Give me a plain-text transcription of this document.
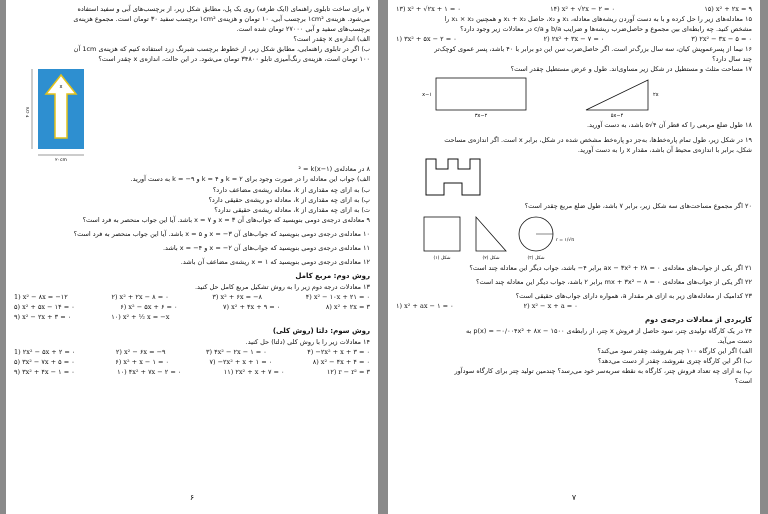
۷ برای ساخت تابلوی راهنمای (ایک طرفه) روی یک پل، مطابق شکل زیر، از برچسب‌های آبی و سفید استفاده
می‌شود. هزینه‌ی ۱cm² برچسب آبی، ۱۰ تومان و هزینه‌ی ۱cm² برچسب سفید ۳۰ تومان است. مجموع هزینه‌ی
برچسب‌های سفید و آبی ۲۷۰۰۰ تومان شده است.
الف) اندازه‌ی x چقدر است؟
ب) اگر در تابلوی راهنمایی، مطابق شکل زیر، از خطوط برچسب شبرنگ زرد استفاده کنیم که هزینه‌ی 1cm آن
۱۰۰ تومان است، هزینه‌ی رنگ‌آمیزی تابلو ۳۴۸۰۰ تومان می‌شود. در این حالت، اندازه‌ی x چقدر است؟
x
۴ cm
۲۰cm
۸ در معادله‌ی (x−۱)² = k
الف) جواب این معادله را در صورت وجود برای ۲ = k و ۴ = k و ۹− = k به دست آورید.
ب) به ازای چه مقداری از k، معادله ریشه‌ی مضاعف دارد؟
پ) به ازای چه مقداری از k، معادله دو ریشه‌ی حقیقی دارد؟
ت) به ازای چه مقداری از k، معادله ریشه‌ی حقیقی ندارد؟
۹ معادله‌ی درجه‌ی دومی بنویسید که جواب‌های آن ۳ = x و ۷ = x باشد. آیا این جواب منحصر به فرد است؟
۱۰ معادله‌ی درجه‌ی دومی بنویسید که جواب‌های آن ۳− = x و ۵ = x باشد. آیا این جواب منحصر به فرد است؟
۱۱ معادله‌ی درجه‌ی دومی بنویسید که جواب‌های آن ۲− = x و ۴− = x باشد.
۱۲ معادله‌ی درجه‌ی دومی بنویسید که ۱ = x ریشه‌ی مضاعف آن باشد.
روش دوم: مربع کامل
۱۳ معادلات درجه دوم زیر را به روش تشکیل مربع کامل حل کنید.
1) x² − ۸x = −۱۲	۲) x² + ۲x − ۸ = ۰	۳) x² + ۶x = −۸	۴) x² − ۱۰x + ۲۱ = ۰
۵) x² + ۵x − ۱۴ = ۰	۶) x² − ۵x + ۶ = ۰	۷) x² + ۴x + ۹ = ۰	۸) x² + ۲x = ۳
۹) x² − ۲x + ۳ = ۰	۱۰) x² + ½ x = −x
روش سوم: دلتا (روش کلی)
۱۴ معادلات زیر را با روش کلی (دلتا) حل کنید.
1) ۲x² − ۵x + ۲ = ۰	۲) x² − ۶x = −۹	۳) ۴x² − ۲x − ۱ = ۰	۴) −۲x² + x + ۳ = ۰
۵) ۳x² − ۷x + ۵ = ۰	۶) x² + x − ۱ = ۰	۷) −۲x² + x + ۱ = ۰	۸) x² − ۴x + ۴ = ۰
۹) ۳x² + ۴x − ۱ = ۰	۱۰) ۴x² + ۷x − ۲ = ۰	۱۱) ۲x² + x + ۷ = ۰	۱۲) r − r² = ۳
۶
۱۳) x² + √۲x + ۱ = ۰	۱۴) x² + √۲x − ۲ = ۰	۱۵) x² + ۲x = ۹
۱۵ معادله‌های زیر را حل کرده و با به دست آوردن ریشه‌های معادله، x₁ و x₂، حاصل x₁ + x₂ و همچنین x₁ × x₂ را
مشخص کنید. چه رابطه‌ای بین مجموع و حاصل‌ضرب ریشه‌ها و ضرایب b/a و c/a در معادلات زیر وجود دارد؟
۱) ۳x² + ۵x − ۲ = ۰	۲) ۲x² + ۳x − ۷ = ۰	۳) ۲x² − ۳x − ۵ = ۰
۱۶ نیما از پسرعمویش کیان، سه سال بزرگ‌تر است. اگر حاصل‌ضرب سن این دو برابر با ۴۰ باشد، پسر عموی کوچک‌تر
چند سال دارد؟
۱۷ مساحت مثلث و مستطیل در شکل زیر مساوی‌اند. طول و عرض مستطیل چقدر است؟
x−۱
۳x−۲
۲x
۵x−۴
۱۸ طول ضلع مربعی را که قطر آن ۴√۵ باشد، به دست آورید.
۱۹ در شکل زیر، طول تمام پاره‌خط‌ها، به‌جز دو پاره‌خط مشخص شده در شکل، برابر x است. اگر اندازه‌ی مساحت
شکل، برابر با اندازه‌ی محیط آن باشد، مقدار x را به دست آورید.
۲۰ اگر مجموع مساحت‌های سه شکل زیر، برابر ۷ باشد، طول ضلع مربع چقدر است؟
شکل (۱)	شکل (۲)
r = ۱/√π
شکل (۳)
۲۱ اگر یکی از جواب‌های معادله‌ی ۰ = ۲۸ + ax − ۳x² برابر ۴− باشد، جواب دیگر این معادله چند است؟
۲۲ اگر یکی از جواب‌های معادله‌ی ۰ = ۸ − mx + ۳x² برابر ۲ باشد، جواب دیگر این معادله چند است؟
۲۳ کدامیک از معادله‌های زیر به ازای هر مقدار a، همواره دارای جواب‌های حقیقی است؟
۱) x² + ax − ۱ = ۰	۲) x² − x + a = ۰
کاربردی از معادلات درجه‌ی دوم
۲۴ در یک کارگاه تولیدی چتر، سود حاصل از فروش x چتر، از رابطه‌ی p(x) = −۰/۰۰۴x² + ۸x − ۱۵۰۰ به
دست می‌آید.
الف) اگر این کارگاه ۱۰۰ چتر بفروشد، چقدر سود می‌کند؟
ب) اگر این کارگاه چتری نفروشد، چقدر از دست می‌دهد؟
پ) به ازای چه تعداد فروش چتر، کارگاه به نقطه سربه‌سر خود می‌رسد؟ چندمین تولید چتر برای کارگاه سودآور
است؟
۷
